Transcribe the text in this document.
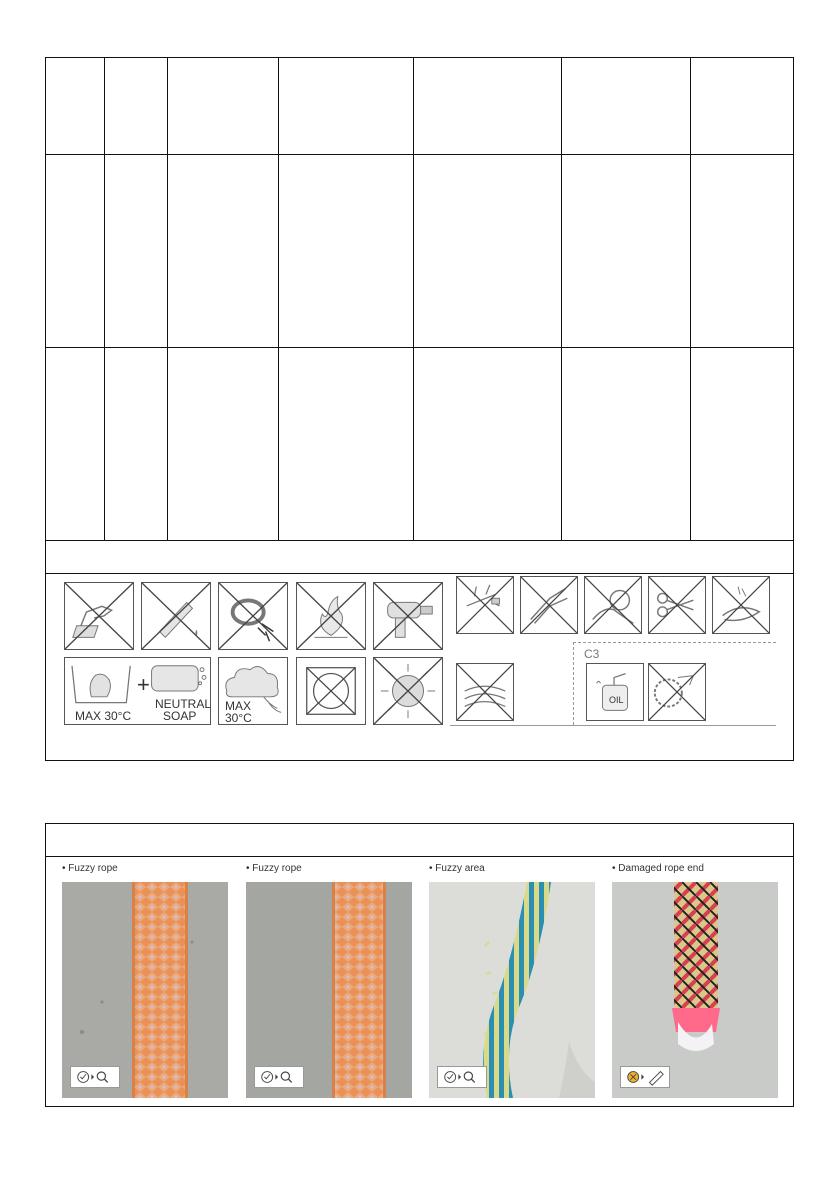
MAX 30°C
+
NEUTRAL
SOAP
MAX
30°C
C3
OIL
• Fuzzy rope	• Fuzzy rope	• Fuzzy area	• Damaged rope end
